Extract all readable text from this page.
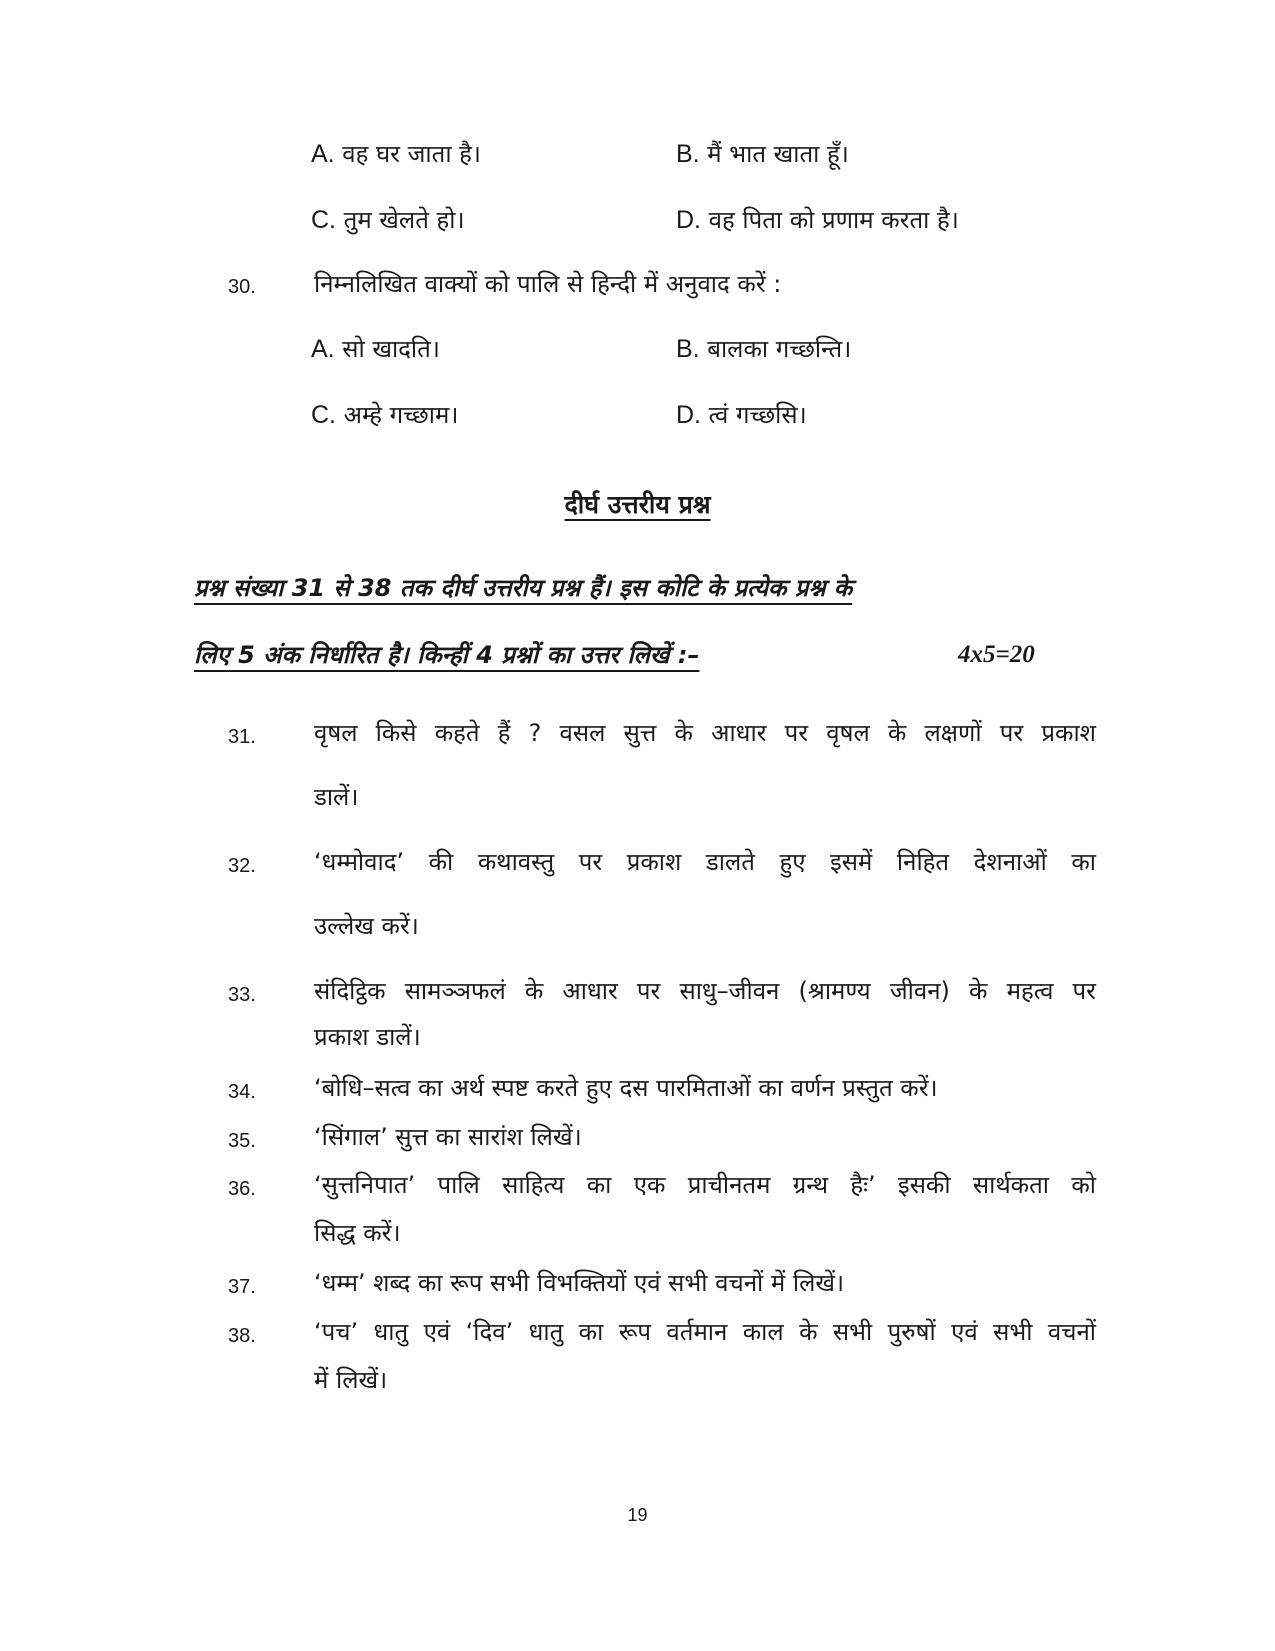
A. वह घर जाता है।	B. मैं भात खाता हूँ।
C. तुम खेलते हो।	D. वह पिता को प्रणाम करता है।
30. निम्नलिखित वाक्यों को पालि से हिन्दी में अनुवाद करें :
A. सो खादति।	B. बालका गच्छन्ति।
C. अम्हे गच्छाम।	D. त्वं गच्छसि।
दीर्घ उत्तरीय प्रश्न
प्रश्न संख्या 31 से 38 तक दीर्घ उत्तरीय प्रश्न हैं। इस कोटि के प्रत्येक प्रश्न के
लिए 5 अंक निर्धारित है। किन्हीं 4 प्रश्नों का उत्तर लिखें :–	4x5=20
31. वृषल किसे कहते हैं ? वसल सुत्त के आधार पर वृषल के लक्षणों पर प्रकाश
डालें।
32. ‘धम्मोवाद’ की कथावस्तु पर प्रकाश डालते हुए इसमें निहित देशनाओं का
उल्लेख करें।
33. संदिट्ठिक सामञ्ञफलं के आधार पर साधु–जीवन (श्रामण्य जीवन) के महत्व पर
प्रकाश डालें।
34. ‘बोधि–सत्व का अर्थ स्पष्ट करते हुए दस पारमिताओं का वर्णन प्रस्तुत करें।
35. ‘सिंगाल’ सुत्त का सारांश लिखें।
36. ‘सुत्तनिपात’ पालि साहित्य का एक प्राचीनतम ग्रन्थ हैः’ इसकी सार्थकता को
सिद्ध करें।
37. ‘धम्म’ शब्द का रूप सभी विभक्तियों एवं सभी वचनों में लिखें।
38. ‘पच’ धातु एवं ‘दिव’ धातु का रूप वर्तमान काल के सभी पुरुषों एवं सभी वचनों
में लिखें।
19
